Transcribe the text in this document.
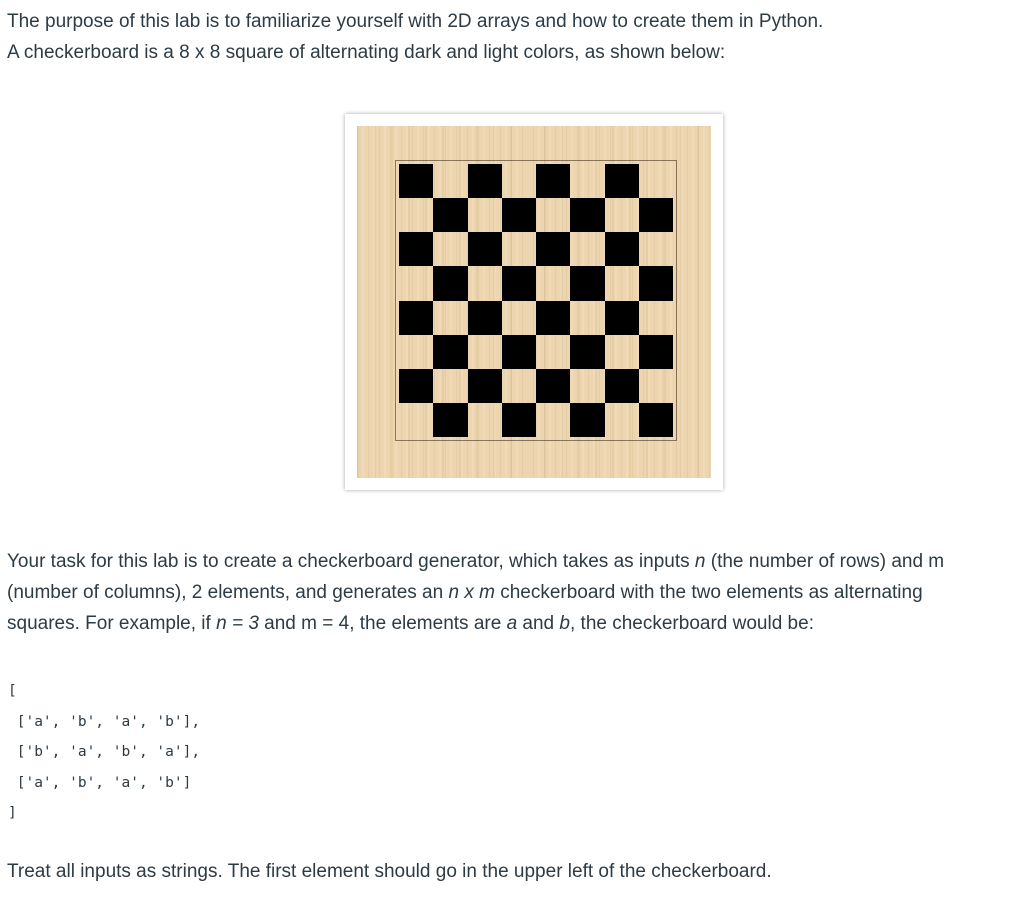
The purpose of this lab is to familiarize yourself with 2D arrays and how to create them in Python.
A checkerboard is a 8 x 8 square of alternating dark and light colors, as shown below:

Your task for this lab is to create a checkerboard generator, which takes as inputs n (the number of rows) and m
(number of columns), 2 elements, and generates an n x m checkerboard with the two elements as alternating
squares. For example, if n = 3 and m = 4, the elements are a and b, the checkerboard would be:

[
['a', 'b', 'a', 'b'],
['b', 'a', 'b', 'a'],
['a', 'b', 'a', 'b']
]

Treat all inputs as strings. The first element should go in the upper left of the checkerboard.
